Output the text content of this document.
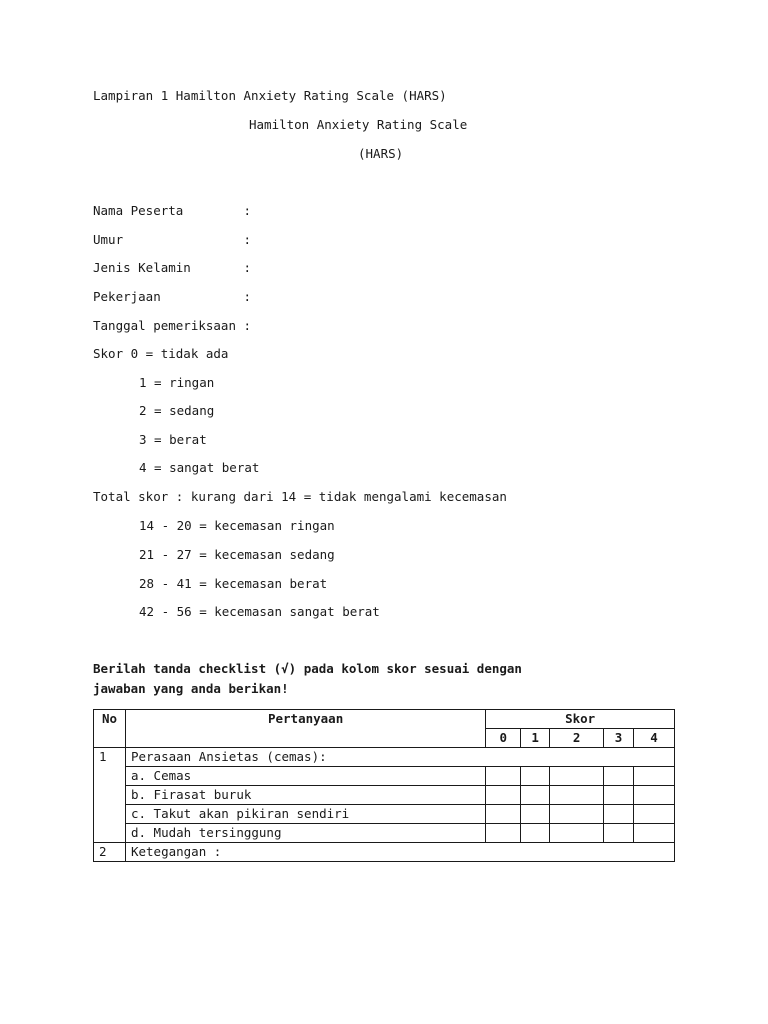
Lampiran 1 Hamilton Anxiety Rating Scale (HARS)
Hamilton Anxiety Rating Scale
(HARS)
Nama Peserta        :
Umur                :
Jenis Kelamin       :
Pekerjaan           :
Tanggal pemeriksaan :
Skor 0 = tidak ada
1 = ringan
2 = sedang
3 = berat
4 = sangat berat
Total skor : kurang dari 14 = tidak mengalami kecemasan
14 - 20 = kecemasan ringan
21 - 27 = kecemasan sedang
28 - 41 = kecemasan berat
42 - 56 = kecemasan sangat berat
Berilah tanda checklist (√) pada kolom skor sesuai dengan
jawaban yang anda berikan!
No	Pertanyaan	Skor				
		0	1	2	3	4
1	Perasaan Ansietas (cemas):					
	a. Cemas					
	b. Firasat buruk					
	c. Takut akan pikiran sendiri					
	d. Mudah tersinggung					
2	Ketegangan :					
